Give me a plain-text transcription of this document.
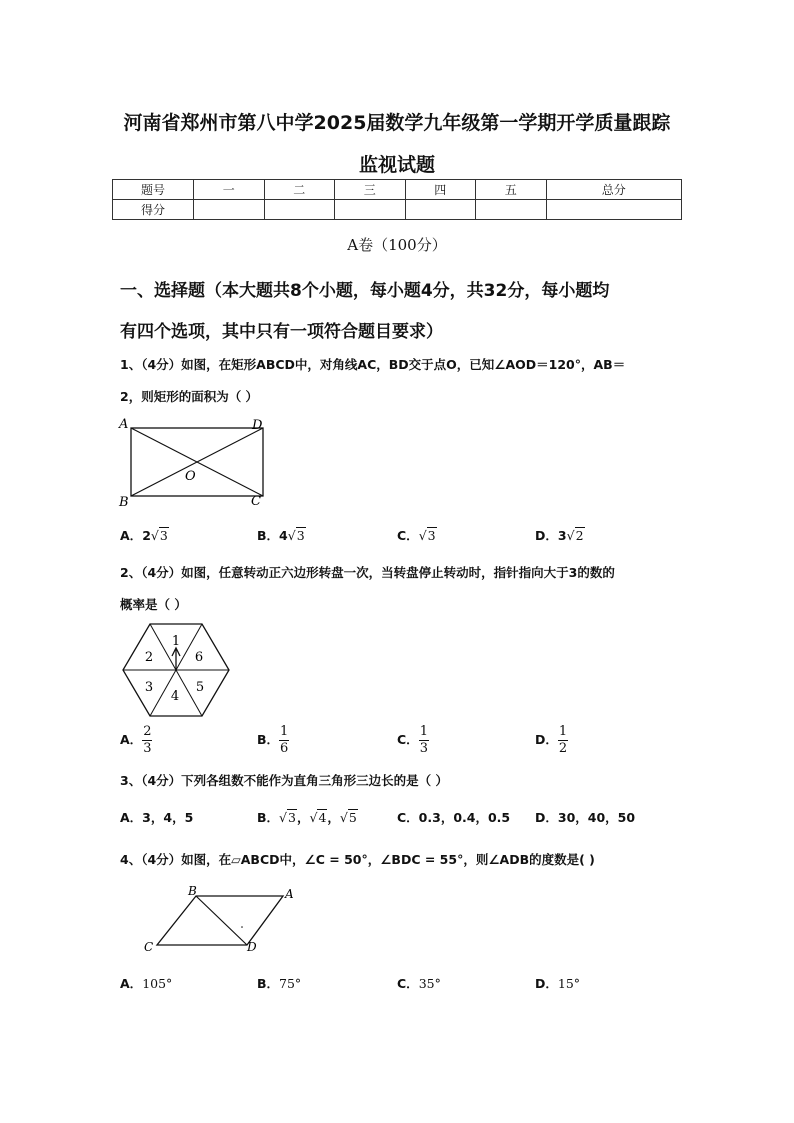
河南省郑州市第八中学2025届数学九年级第一学期开学质量跟踪
监视试题
题号	一	二	三	四	五	总分
得分						
A卷（100分）
一、选择题（本大题共8个小题，每小题4分，共32分，每小题均
有四个选项，其中只有一项符合题目要求）
1、（4分）如图，在矩形ABCD中，对角线AC，BD交于点O，已知∠AOD＝120°，AB＝
2，则矩形的面积为（ ）
A	D
B	C
O
A．2√3	B．4√3	C．√3	D．3√2
2、（4分）如图，任意转动正六边形转盘一次，当转盘停止转动时，指针指向大于3的数的
概率是（ ）
1
6
5
4
3
2
A． $\frac{2}{3}$	B． $\frac{1}{6}$	C． $\frac{1}{3}$	D． $\frac{1}{2}$
3、（4分）下列各组数不能作为直角三角形三边长的是（ ）
A．3，4，5	B．√3，√4，√5	C．0.3，0.4，0.5 D．30，40，50
4、（4分）如图，在▱ABCD中，∠C = 50°，∠BDC = 55°，则∠ADB的度数是( )
B	A
C	D
A．105°	B．75°	C．35°	D．15°
